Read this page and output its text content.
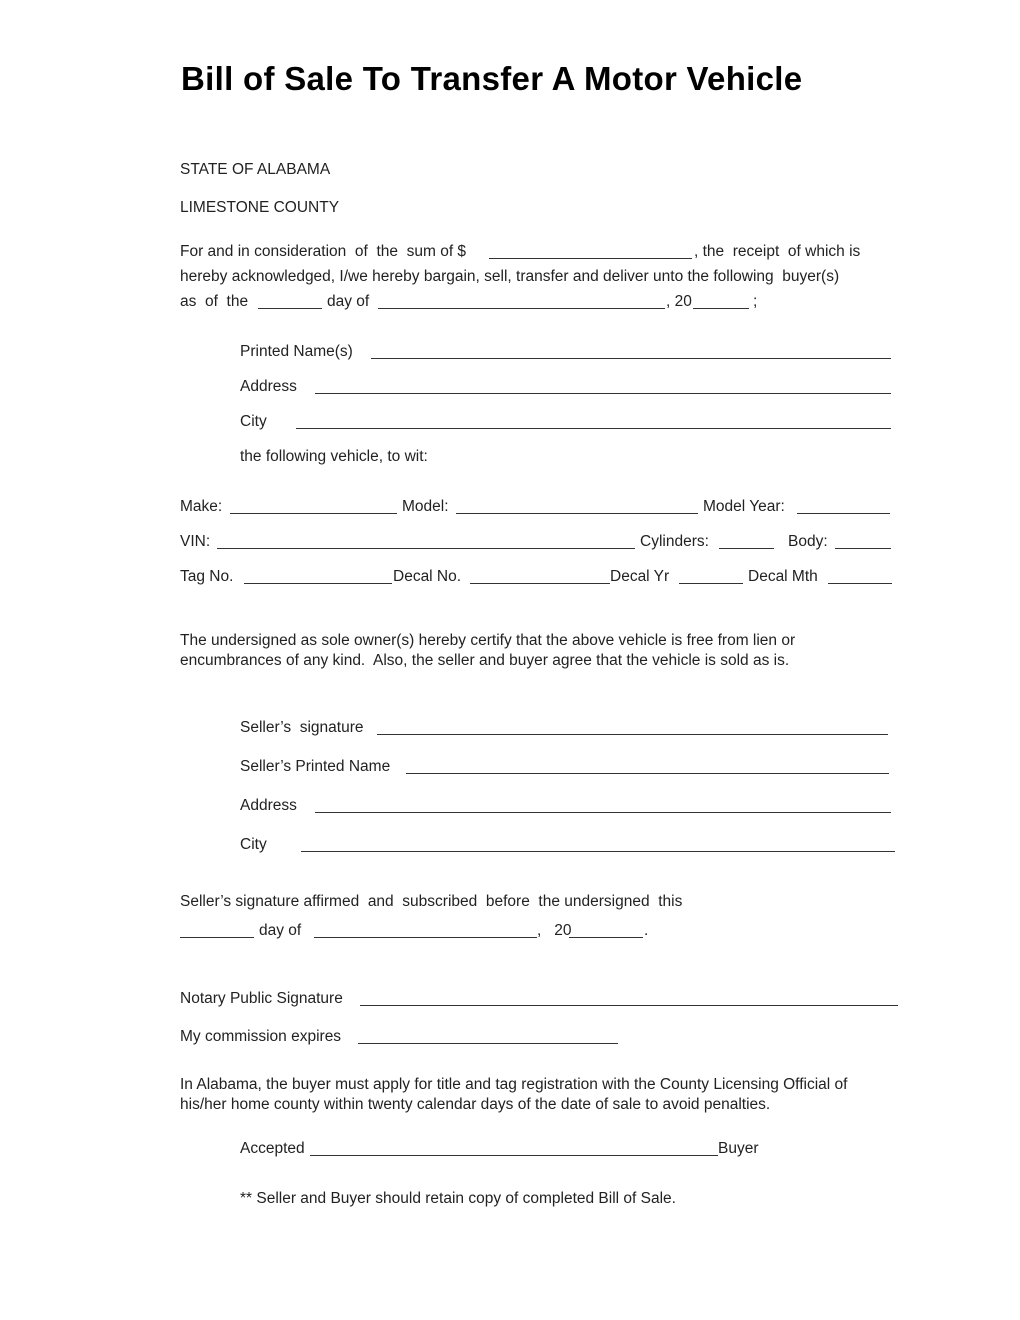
Bill of Sale To Transfer A Motor Vehicle
STATE OF ALABAMA
LIMESTONE COUNTY
For and in consideration  of  the  sum of $	, the  receipt  of which is
hereby acknowledged, I/we hereby bargain, sell, transfer and deliver unto the following  buyer(s)
as  of  the	day of	, 20	;
Printed Name(s)
Address
City
the following vehicle, to wit:
Make:	Model:	Model Year:
VIN:	Cylinders:	Body:
Tag No.	Decal No.	Decal Yr	Decal Mth
The undersigned as sole owner(s) hereby certify that the above vehicle is free from lien or
encumbrances of any kind.  Also, the seller and buyer agree that the vehicle is sold as is.
Seller’s  signature
Seller’s Printed Name
Address
City
Seller’s signature affirmed  and  subscribed  before  the undersigned  this
day of	,   20	.
Notary Public Signature
My commission expires
In Alabama, the buyer must apply for title and tag registration with the County Licensing Official of
his/her home county within twenty calendar days of the date of sale to avoid penalties.
Accepted	Buyer
** Seller and Buyer should retain copy of completed Bill of Sale.
